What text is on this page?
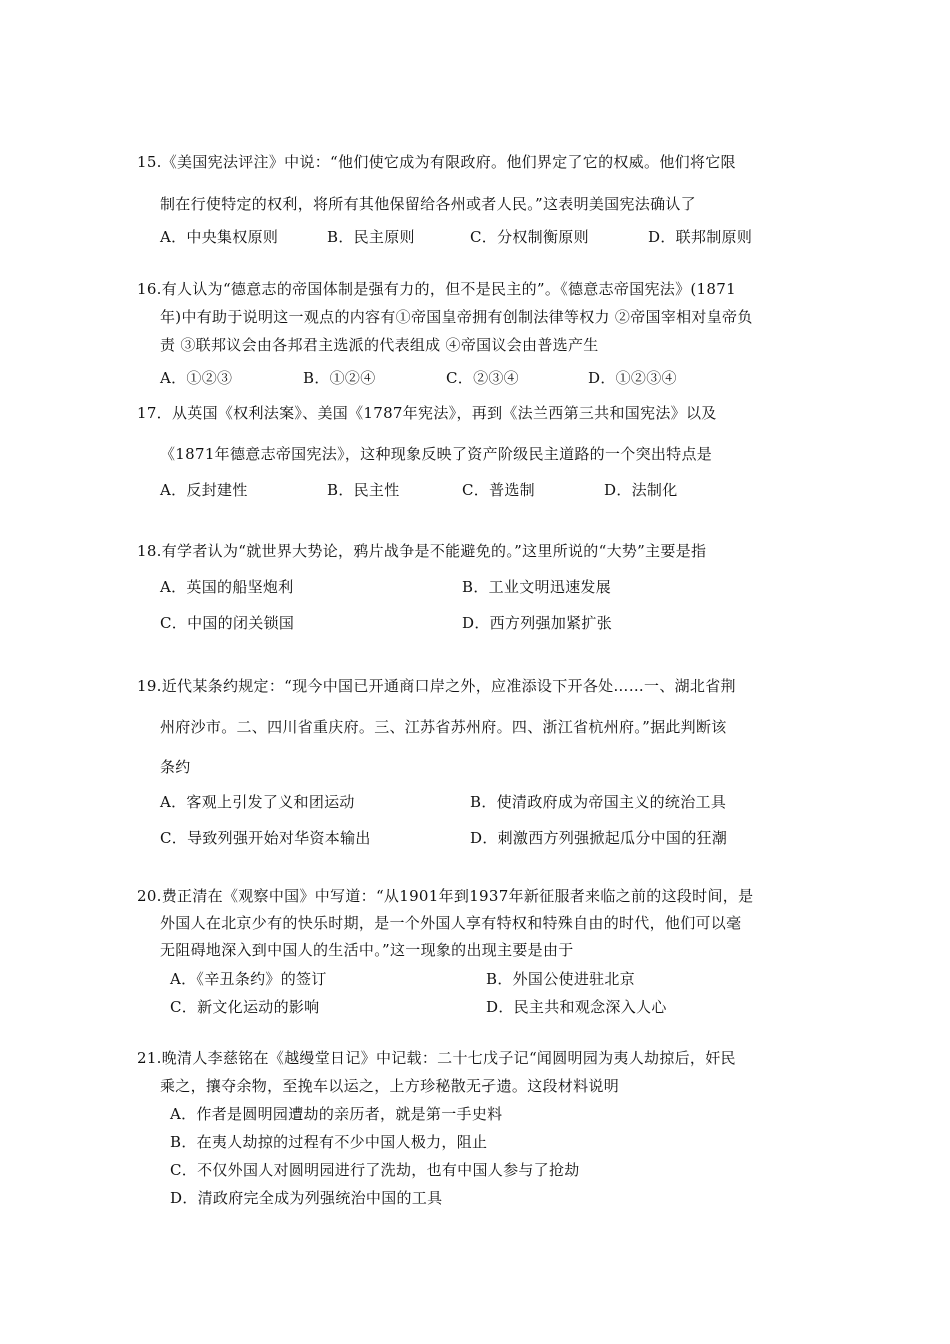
15.《美国宪法评注》中说：“他们使它成为有限政府。他们界定了它的权威。他们将它限
制在行使特定的权利，将所有其他保留给各州或者人民。”这表明美国宪法确认了
A．中央集权原则	B．民主原则	C．分权制衡原则	D．联邦制原则
16.有人认为“德意志的帝国体制是强有力的，但不是民主的”。《德意志帝国宪法》(1871
年)中有助于说明这一观点的内容有①帝国皇帝拥有创制法律等权力 ②帝国宰相对皇帝负
责 ③联邦议会由各邦君主选派的代表组成 ④帝国议会由普选产生
A．①②③	B．①②④	C．②③④	D．①②③④
17．从英国《权利法案》、美国《1787年宪法》，再到《法兰西第三共和国宪法》以及
《1871年德意志帝国宪法》，这种现象反映了资产阶级民主道路的一个突出特点是
A．反封建性	B．民主性	C．普选制	D．法制化
18.有学者认为“就世界大势论，鸦片战争是不能避免的。”这里所说的“大势”主要是指
A．英国的船坚炮利	B．工业文明迅速发展
C．中国的闭关锁国	D．西方列强加紧扩张
19.近代某条约规定：“现今中国已开通商口岸之外，应准添设下开各处……一、湖北省荆
州府沙市。二、四川省重庆府。三、江苏省苏州府。四、浙江省杭州府。”据此判断该
条约
A．客观上引发了义和团运动	B．使清政府成为帝国主义的统治工具
C．导致列强开始对华资本输出	D．刺激西方列强掀起瓜分中国的狂潮
20.费正清在《观察中国》中写道：“从1901年到1937年新征服者来临之前的这段时间，是
外国人在北京少有的快乐时期，是一个外国人享有特权和特殊自由的时代，他们可以毫
无阻碍地深入到中国人的生活中。”这一现象的出现主要是由于
A．《辛丑条约》的签订	B．外国公使进驻北京
C．新文化运动的影响	D．民主共和观念深入人心
21.晚清人李慈铭在《越缦堂日记》中记载：二十七戊子记“闻圆明园为夷人劫掠后，奸民
乘之，攘夺余物，至挽车以运之，上方珍秘散无孑遗。这段材料说明
A．作者是圆明园遭劫的亲历者，就是第一手史料
B．在夷人劫掠的过程有不少中国人极力，阻止
C．不仅外国人对圆明园进行了洗劫，也有中国人参与了抢劫
D．清政府完全成为列强统治中国的工具
